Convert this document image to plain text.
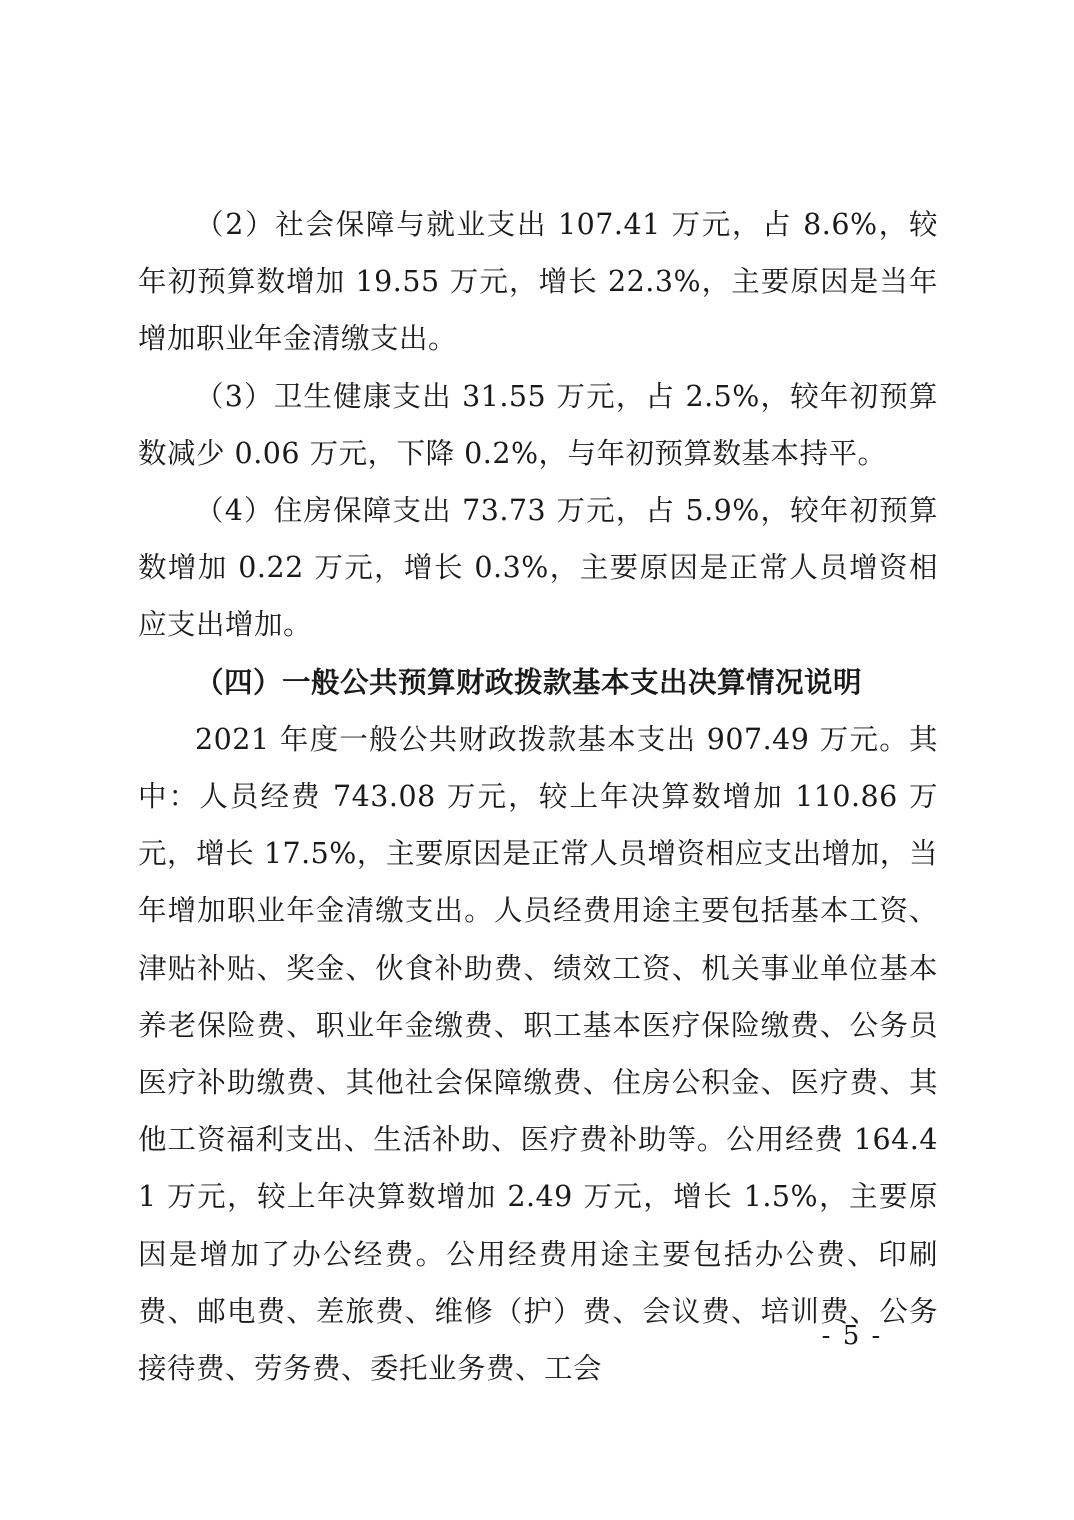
（2）社会保障与就业支出 107.41 万元，占 8.6%，较年初预算数增加 19.55 万元，增长 22.3%，主要原因是当年增加职业年金清缴支出。

（3）卫生健康支出 31.55 万元，占 2.5%，较年初预算数减少 0.06 万元，下降 0.2%，与年初预算数基本持平。

（4）住房保障支出 73.73 万元，占 5.9%，较年初预算数增加 0.22 万元，增长 0.3%，主要原因是正常人员增资相应支出增加。

（四）一般公共预算财政拨款基本支出决算情况说明

2021 年度一般公共财政拨款基本支出 907.49 万元。其中：人员经费 743.08 万元，较上年决算数增加 110.86 万元，增长 17.5%，主要原因是正常人员增资相应支出增加，当年增加职业年金清缴支出。人员经费用途主要包括基本工资、津贴补贴、奖金、伙食补助费、绩效工资、机关事业单位基本养老保险费、职业年金缴费、职工基本医疗保险缴费、公务员医疗补助缴费、其他社会保障缴费、住房公积金、医疗费、其他工资福利支出、生活补助、医疗费补助等。公用经费 164.41 万元，较上年决算数增加 2.49 万元，增长 1.5%，主要原因是增加了办公经费。公用经费用途主要包括办公费、印刷费、邮电费、差旅费、维修（护）费、会议费、培训费、公务接待费、劳务费、委托业务费、工会

- 5 -
